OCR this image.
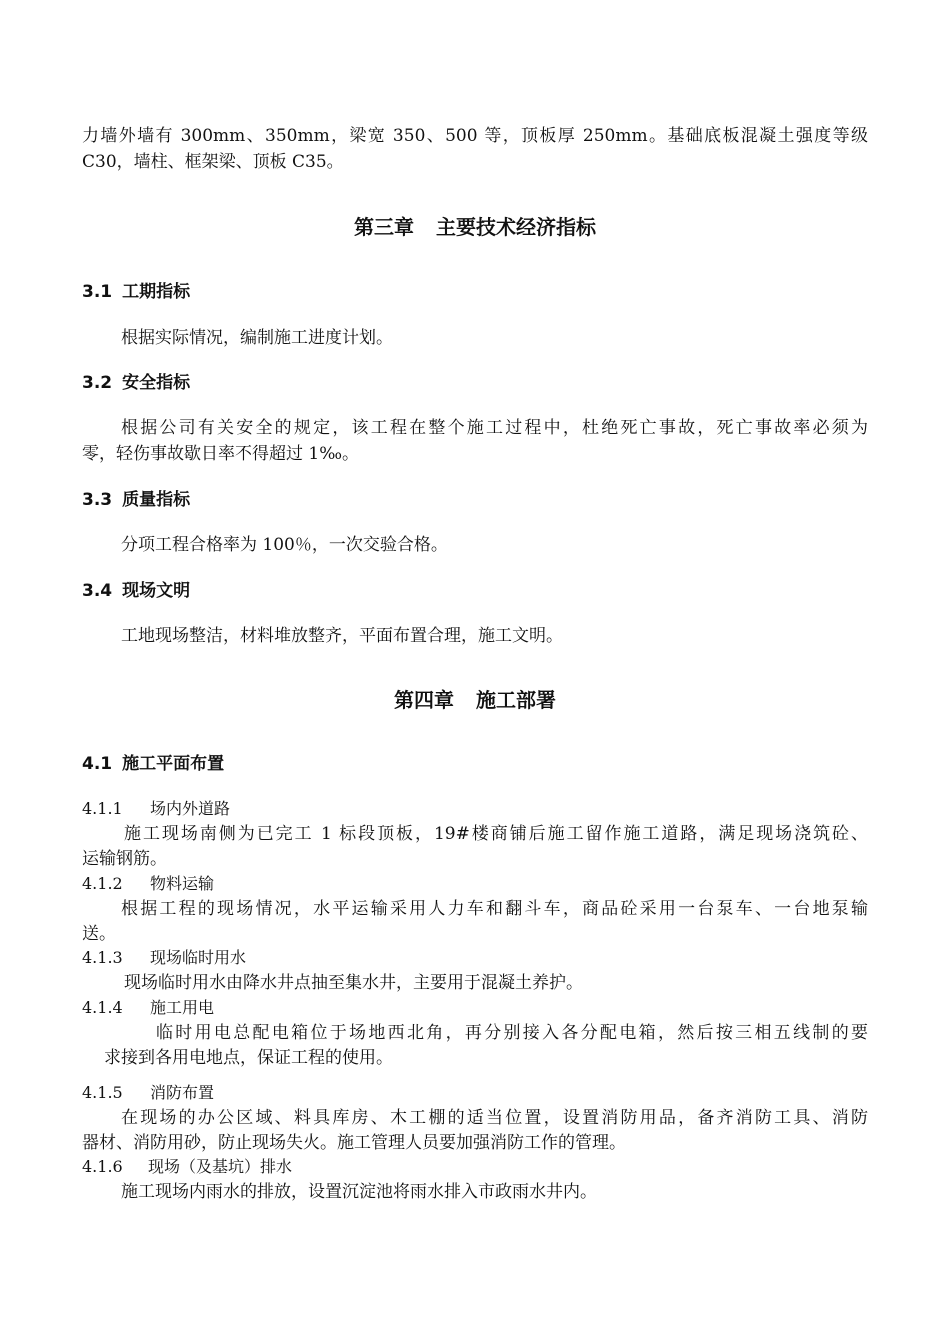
力墙外墙有 300mm、350mm，梁宽 350、500 等，顶板厚 250mm。基础底板混凝土强度等级
C30，墙柱、框架梁、顶板 C35。
第三章 主要技术经济指标
3.1 工期指标
根据实际情况，编制施工进度计划。
3.2 安全指标
根据公司有关安全的规定，该工程在整个施工过程中，杜绝死亡事故，死亡事故率必须为
零，轻伤事故歇日率不得超过 1‰。
3.3 质量指标
分项工程合格率为 100％，一次交验合格。
3.4 现场文明
工地现场整洁，材料堆放整齐，平面布置合理，施工文明。
第四章 施工部署
4.1 施工平面布置
4.1.1 场内外道路
施工现场南侧为已完工 1 标段顶板，19#楼商铺后施工留作施工道路，满足现场浇筑砼、
运输钢筋。
4.1.2 物料运输
根据工程的现场情况，水平运输采用人力车和翻斗车，商品砼采用一台泵车、一台地泵输
送。
4.1.3 现场临时用水
现场临时用水由降水井点抽至集水井，主要用于混凝土养护。
4.1.4 施工用电
临时用电总配电箱位于场地西北角，再分别接入各分配电箱，然后按三相五线制的要
求接到各用电地点，保证工程的使用。
4.1.5 消防布置
在现场的办公区域、料具库房、木工棚的适当位置，设置消防用品，备齐消防工具、消防
器材、消防用砂，防止现场失火。施工管理人员要加强消防工作的管理。
4.1.6 现场（及基坑）排水
施工现场内雨水的排放，设置沉淀池将雨水排入市政雨水井内。
